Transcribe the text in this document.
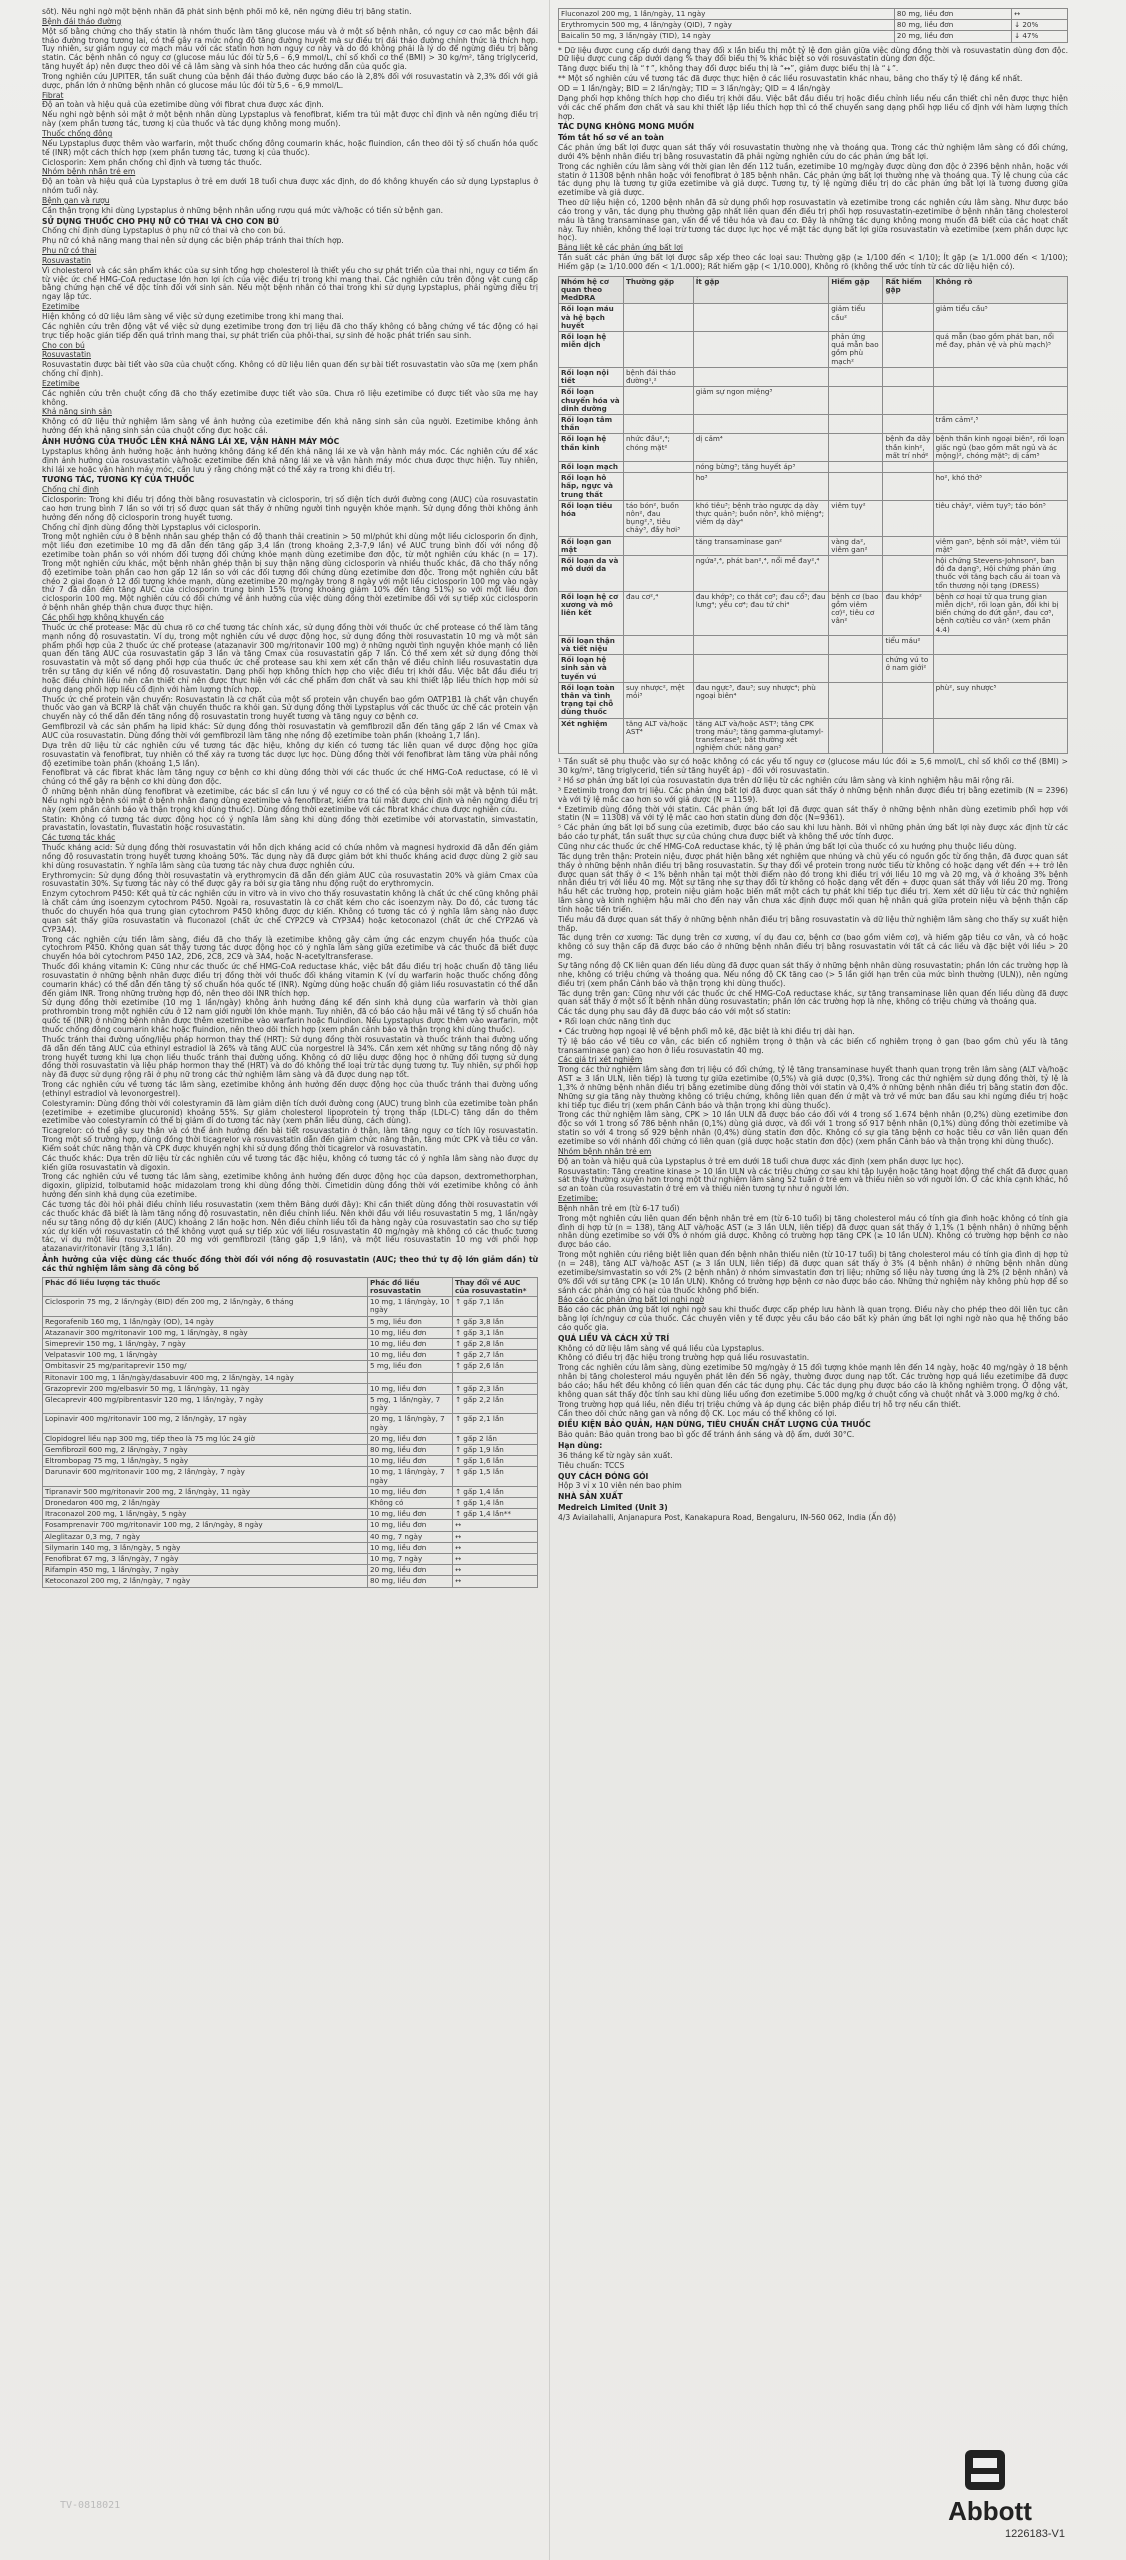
sốt). Nếu nghi ngờ một bệnh nhân đã phát sinh bệnh phổi mô kẽ, nên ngừng điều trị bằng statin.

Bệnh đái tháo đường

Một số bằng chứng cho thấy statin là nhóm thuốc làm tăng glucose máu và ở một số bệnh nhân, có nguy cơ cao mắc bệnh đái tháo đường trong tương lai, có thể gây ra mức nồng độ tăng đường huyết mà sự điều trị đái tháo đường chính thức là thích hợp. Tuy nhiên, sự giảm nguy cơ mạch máu với các statin hơn hơn nguy cơ này và do đó không phải là lý do để ngừng điều trị bằng statin. Các bệnh nhân có nguy cơ (glucose máu lúc đói từ 5,6 – 6,9 mmol/L, chỉ số khối cơ thể (BMI) > 30 kg/m², tăng triglycerid, tăng huyết áp) nên được theo dõi về cả lâm sàng và sinh hóa theo các hướng dẫn của quốc gia.

Trong nghiên cứu JUPITER, tần suất chung của bệnh đái tháo đường được báo cáo là 2,8% đối với rosuvastatin và 2,3% đối với giả dược, phần lớn ở những bệnh nhân có glucose máu lúc đói từ 5,6 – 6,9 mmol/L.

Fibrat

Độ an toàn và hiệu quả của ezetimibe dùng với fibrat chưa được xác định.

Nếu nghi ngờ bệnh sỏi mật ở một bệnh nhân dùng Lypstaplus và fenofibrat, kiểm tra túi mật được chỉ định và nên ngừng điều trị này (xem phần tương tác, tương kị của thuốc và tác dụng không mong muốn).

Thuốc chống đông

Nếu Lypstaplus được thêm vào warfarin, một thuốc chống đông coumarin khác, hoặc fluindion, cần theo dõi tỷ số chuẩn hóa quốc tế (INR) một cách thích hợp (xem phần tương tác, tương kị của thuốc).

Ciclosporin: Xem phần chống chỉ định và tương tác thuốc.

Nhóm bệnh nhân trẻ em

Độ an toàn và hiệu quả của Lypstaplus ở trẻ em dưới 18 tuổi chưa được xác định, do đó không khuyến cáo sử dụng Lypstaplus ở nhóm tuổi này.

Bệnh gan và rượu

Cần thận trọng khi dùng Lypstaplus ở những bệnh nhân uống rượu quá mức và/hoặc có tiền sử bệnh gan.

SỬ DỤNG THUỐC CHO PHỤ NỮ CÓ THAI VÀ CHO CON BÚ

Chống chỉ định dùng Lypstaplus ở phụ nữ có thai và cho con bú.

Phụ nữ có khả năng mang thai nên sử dụng các biện pháp tránh thai thích hợp.

Phụ nữ có thai

Rosuvastatin

Vì cholesterol và các sản phẩm khác của sự sinh tổng hợp cholesterol là thiết yếu cho sự phát triển của thai nhi, nguy cơ tiềm ẩn từ việc ức chế HMG-CoA reductase lớn hơn lợi ích của việc điều trị trong khi mang thai. Các nghiên cứu trên động vật cung cấp bằng chứng hạn chế về độc tính đối với sinh sản. Nếu một bệnh nhân có thai trong khi sử dụng Lypstaplus, phải ngừng điều trị ngay lập tức.

Ezetimibe

Hiện không có dữ liệu lâm sàng về việc sử dụng ezetimibe trong khi mang thai.

Các nghiên cứu trên động vật về việc sử dụng ezetimibe trong đơn trị liệu đã cho thấy không có bằng chứng về tác động có hại trực tiếp hoặc gián tiếp đến quá trình mang thai, sự phát triển của phôi-thai, sự sinh đẻ hoặc phát triển sau sinh.

Cho con bú

Rosuvastatin

Rosuvastatin được bài tiết vào sữa của chuột cống. Không có dữ liệu liên quan đến sự bài tiết rosuvastatin vào sữa mẹ (xem phần chống chỉ định).

Ezetimibe

Các nghiên cứu trên chuột cống đã cho thấy ezetimibe được tiết vào sữa. Chưa rõ liệu ezetimibe có được tiết vào sữa mẹ hay không.

Khả năng sinh sản

Không có dữ liệu thử nghiệm lâm sàng về ảnh hưởng của ezetimibe đến khả năng sinh sản của người. Ezetimibe không ảnh hưởng đến khả năng sinh sản của chuột cống đực hoặc cái.

ẢNH HƯỞNG CỦA THUỐC LÊN KHẢ NĂNG LÁI XE, VẬN HÀNH MÁY MÓC

Lypstaplus không ảnh hưởng hoặc ảnh hưởng không đáng kể đến khả năng lái xe và vận hành máy móc. Các nghiên cứu để xác định ảnh hưởng của rosuvastatin và/hoặc ezetimibe đến khả năng lái xe và vận hành máy móc chưa được thực hiện. Tuy nhiên, khi lái xe hoặc vận hành máy móc, cần lưu ý rằng chóng mặt có thể xảy ra trong khi điều trị.

TƯƠNG TÁC, TƯƠNG KỴ CỦA THUỐC

Chống chỉ định

Ciclosporin: Trong khi điều trị đồng thời bằng rosuvastatin và ciclosporin, trị số diện tích dưới đường cong (AUC) của rosuvastatin cao hơn trung bình 7 lần so với trị số được quan sát thấy ở những người tình nguyện khỏe mạnh. Sử dụng đồng thời không ảnh hưởng đến nồng độ ciclosporin trong huyết tương.

Chống chỉ định dùng đồng thời Lypstaplus với ciclosporin.

Trong một nghiên cứu ở 8 bệnh nhân sau ghép thận có độ thanh thải creatinin > 50 ml/phút khi dùng một liều ciclosporin ổn định, một liều đơn ezetimibe 10 mg đã dẫn đến tăng gấp 3,4 lần (trong khoảng 2,3-7,9 lần) về AUC trung bình đối với nồng độ ezetimibe toàn phần so với nhóm đối tượng đối chứng khỏe mạnh dùng ezetimibe đơn độc, từ một nghiên cứu khác (n = 17). Trong một nghiên cứu khác, một bệnh nhân ghép thận bị suy thận nặng dùng ciclosporin và nhiều thuốc khác, đã cho thấy nồng độ ezetimibe toàn phần cao hơn gấp 12 lần so với các đối tượng đối chứng dùng ezetimibe đơn độc. Trong một nghiên cứu bắt chéo 2 giai đoạn ở 12 đối tượng khỏe mạnh, dùng ezetimibe 20 mg/ngày trong 8 ngày với một liều ciclosporin 100 mg vào ngày thứ 7 đã dẫn đến tăng AUC của ciclosporin trung bình 15% (trong khoảng giảm 10% đến tăng 51%) so với một liều đơn ciclosporin 100 mg. Một nghiên cứu có đối chứng về ảnh hưởng của việc dùng đồng thời ezetimibe đối với sự tiếp xúc ciclosporin ở bệnh nhân ghép thận chưa được thực hiện.

Các phối hợp không khuyến cáo

Thuốc ức chế protease: Mặc dù chưa rõ cơ chế tương tác chính xác, sử dụng đồng thời với thuốc ức chế protease có thể làm tăng mạnh nồng độ rosuvastatin. Ví dụ, trong một nghiên cứu về dược động học, sử dụng đồng thời rosuvastatin 10 mg và một sản phẩm phối hợp của 2 thuốc ức chế protease (atazanavir 300 mg/ritonavir 100 mg) ở những người tình nguyện khỏe mạnh có liên quan đến tăng AUC của rosuvastatin gấp 3 lần và tăng Cmax của rosuvastatin gấp 7 lần. Có thể xem xét sử dụng đồng thời rosuvastatin và một số dạng phối hợp của thuốc ức chế protease sau khi xem xét cẩn thận về điều chỉnh liều rosuvastatin dựa trên sự tăng dự kiến về nồng độ rosuvastatin. Dạng phối hợp không thích hợp cho việc điều trị khởi đầu. Việc bắt đầu điều trị hoặc điều chỉnh liều nên căn thiết chỉ nên được thực hiện với các chế phẩm đơn chất và sau khi thiết lập liều thích hợp mới sử dụng dạng phối hợp liều cố định với hàm lượng thích hợp.

Thuốc ức chế protein vận chuyển: Rosuvastatin là cơ chất của một số protein vận chuyển bao gồm OATP1B1 là chất vận chuyển thuốc vào gan và BCRP là chất vận chuyển thuốc ra khỏi gan. Sử dụng đồng thời Lypstaplus với các thuốc ức chế các protein vận chuyển này có thể dẫn đến tăng nồng độ rosuvastatin trong huyết tương và tăng nguy cơ bệnh cơ.

Gemfibrozil và các sản phẩm hạ lipid khác: Sử dụng đồng thời rosuvastatin và gemfibrozil dẫn đến tăng gấp 2 lần về Cmax và AUC của rosuvastatin. Dùng đồng thời với gemfibrozil làm tăng nhẹ nồng độ ezetimibe toàn phần (khoảng 1,7 lần).

Dựa trên dữ liệu từ các nghiên cứu về tương tác đặc hiệu, không dự kiến có tương tác liên quan về dược động học giữa rosuvastatin và fenofibrat, tuy nhiên có thể xảy ra tương tác dược lực học. Dùng đồng thời với fenofibrat làm tăng vừa phải nồng độ ezetimibe toàn phần (khoảng 1,5 lần).

Fenofibrat và các fibrat khác làm tăng nguy cơ bệnh cơ khi dùng đồng thời với các thuốc ức chế HMG-CoA reductase, có lẽ vì chúng có thể gây ra bệnh cơ khi dùng đơn độc.

Ở những bệnh nhân dùng fenofibrat và ezetimibe, các bác sĩ cần lưu ý về nguy cơ có thể có của bệnh sỏi mật và bệnh túi mật. Nếu nghi ngờ bệnh sỏi mật ở bệnh nhân đang dùng ezetimibe và fenofibrat, kiểm tra túi mật được chỉ định và nên ngừng điều trị này (xem phần cảnh báo và thận trọng khi dùng thuốc). Dùng đồng thời ezetimibe với các fibrat khác chưa được nghiên cứu.

Statin: Không có tương tác dược động học có ý nghĩa lâm sàng khi dùng đồng thời ezetimibe với atorvastatin, simvastatin, pravastatin, lovastatin, fluvastatin hoặc rosuvastatin.

Các tương tác khác

Thuốc kháng acid: Sử dụng đồng thời rosuvastatin với hỗn dịch kháng acid có chứa nhôm và magnesi hydroxid đã dẫn đến giảm nồng độ rosuvastatin trong huyết tương khoảng 50%. Tác dụng này đã được giảm bớt khi thuốc kháng acid được dùng 2 giờ sau khi dùng rosuvastatin. Ý nghĩa lâm sàng của tương tác này chưa được nghiên cứu.

Erythromycin: Sử dụng đồng thời rosuvastatin và erythromycin đã dẫn đến giảm AUC của rosuvastatin 20% và giảm Cmax của rosuvastatin 30%. Sự tương tác này có thể được gây ra bởi sự gia tăng nhu động ruột do erythromycin.

Enzym cytochrom P450: Kết quả từ các nghiên cứu in vitro và in vivo cho thấy rosuvastatin không là chất ức chế cũng không phải là chất cảm ứng isoenzym cytochrom P450. Ngoài ra, rosuvastatin là cơ chất kém cho các isoenzym này. Do đó, các tương tác thuốc do chuyển hóa qua trung gian cytochrom P450 không được dự kiến. Không có tương tác có ý nghĩa lâm sàng nào được quan sát thấy giữa rosuvastatin và fluconazol (chất ức chế CYP2C9 và CYP3A4) hoặc ketoconazol (chất ức chế CYP2A6 và CYP3A4).

Trong các nghiên cứu tiền lâm sàng, điều đã cho thấy là ezetimibe không gây cảm ứng các enzym chuyển hóa thuốc của cytochrom P450. Không quan sát thấy tương tác dược động học có ý nghĩa lâm sàng giữa ezetimibe và các thuốc đã biết được chuyển hóa bởi cytochrom P450 1A2, 2D6, 2C8, 2C9 và 3A4, hoặc N-acetyltransferase.

Thuốc đối kháng vitamin K: Cũng như các thuốc ức chế HMG-CoA reductase khác, việc bắt đầu điều trị hoặc chuẩn độ tăng liều rosuvastatin ở những bệnh nhân được điều trị đồng thời với thuốc đối kháng vitamin K (ví dụ warfarin hoặc thuốc chống đông coumarin khác) có thể dẫn đến tăng tỷ số chuẩn hóa quốc tế (INR). Ngừng dùng hoặc chuẩn độ giảm liều rosuvastatin có thể dẫn đến giảm INR. Trong những trường hợp đó, nên theo dõi INR thích hợp.

Sử dụng đồng thời ezetimibe (10 mg 1 lần/ngày) không ảnh hưởng đáng kể đến sinh khả dụng của warfarin và thời gian prothrombin trong một nghiên cứu ở 12 nam giới người lớn khỏe mạnh. Tuy nhiên, đã có báo cáo hậu mãi về tăng tỷ số chuẩn hóa quốc tế (INR) ở những bệnh nhân được thêm ezetimibe vào warfarin hoặc fluindion. Nếu Lypstaplus được thêm vào warfarin, một thuốc chống đông coumarin khác hoặc fluindion, nên theo dõi thích hợp (xem phần cảnh báo và thận trọng khi dùng thuốc).

Thuốc tránh thai đường uống/liệu pháp hormon thay thế (HRT): Sử dụng đồng thời rosuvastatin và thuốc tránh thai đường uống đã dẫn đến tăng AUC của ethinyl estradiol là 26% và tăng AUC của norgestrel là 34%. Cần xem xét những sự tăng nồng độ này trong huyết tương khi lựa chọn liều thuốc tránh thai đường uống. Không có dữ liệu dược động học ở những đối tượng sử dụng đồng thời rosuvastatin và liệu pháp hormon thay thế (HRT) và do đó không thể loại trừ tác dụng tương tự. Tuy nhiên, sự phối hợp này đã được sử dụng rộng rãi ở phụ nữ trong các thử nghiệm lâm sàng và đã được dung nạp tốt.

Trong các nghiên cứu về tương tác lâm sàng, ezetimibe không ảnh hưởng đến dược động học của thuốc tránh thai đường uống (ethinyl estradiol và levonorgestrel).

Colestyramin: Dùng đồng thời với colestyramin đã làm giảm diện tích dưới đường cong (AUC) trung bình của ezetimibe toàn phần (ezetimibe + ezetimibe glucuronid) khoảng 55%. Sự giảm cholesterol lipoprotein tỷ trọng thấp (LDL-C) tăng dần do thêm ezetimibe vào colestyramin có thể bị giảm đi do tương tác này (xem phần liều dùng, cách dùng).

Ticagrelor: có thể gây suy thận và có thể ảnh hưởng đến bài tiết rosuvastatin ở thận, làm tăng nguy cơ tích lũy rosuvastatin. Trong một số trường hợp, dùng đồng thời ticagrelor và rosuvastatin dẫn đến giảm chức năng thận, tăng mức CPK và tiêu cơ vân. Kiểm soát chức năng thận và CPK được khuyến nghị khi sử dụng đồng thời ticagrelor và rosuvastatin.

Các thuốc khác: Dựa trên dữ liệu từ các nghiên cứu về tương tác đặc hiệu, không có tương tác có ý nghĩa lâm sàng nào được dự kiến giữa rosuvastatin và digoxin.

Trong các nghiên cứu về tương tác lâm sàng, ezetimibe không ảnh hưởng đến dược động học của dapson, dextromethorphan, digoxin, glipizid, tolbutamid hoặc midazolam trong khi dùng đồng thời. Cimetidin dùng đồng thời với ezetimibe không có ảnh hưởng đến sinh khả dụng của ezetimibe.

Các tương tác đòi hỏi phải điều chỉnh liều rosuvastatin (xem thêm Bảng dưới đây): Khi cần thiết dùng đồng thời rosuvastatin với các thuốc khác đã biết là làm tăng nồng độ rosuvastatin, nên điều chỉnh liều. Nên khởi đầu với liều rosuvastatin 5 mg, 1 lần/ngày nếu sự tăng nồng độ dự kiến (AUC) khoảng 2 lần hoặc hơn. Nên điều chỉnh liều tối đa hàng ngày của rosuvastatin sao cho sự tiếp xúc dự kiến với rosuvastatin có thể không vượt quá sự tiếp xúc với liều rosuvastatin 40 mg/ngày mà không có các thuốc tương tác, ví dụ một liều rosuvastatin 20 mg với gemfibrozil (tăng gấp 1,9 lần), và một liều rosuvastatin 10 mg với phối hợp atazanavir/ritonavir (tăng 3,1 lần).

Ảnh hưởng của việc dùng các thuốc đồng thời đối với nồng độ rosuvastatin (AUC; theo thứ tự độ lớn giảm dần) từ các thử nghiệm lâm sàng đã công bố

Phác đồ liều lượng tác thuốc	Phác đồ liều rosuvastatin	Thay đổi về AUC của rosuvastatin*
Ciclosporin 75 mg, 2 lần/ngày (BID) đến 200 mg, 2 lần/ngày, 6 tháng	10 mg, 1 lần/ngày, 10 ngày	↑ gấp 7,1 lần
Regorafenib 160 mg, 1 lần/ngày (OD), 14 ngày	5 mg, liều đơn	↑ gấp 3,8 lần
Atazanavir 300 mg/ritonavir 100 mg, 1 lần/ngày, 8 ngày	10 mg, liều đơn	↑ gấp 3,1 lần
Simeprevir 150 mg, 1 lần/ngày, 7 ngày	10 mg, liều đơn	↑ gấp 2,8 lần
Velpatasvir 100 mg, 1 lần/ngày	10 mg, liều đơn	↑ gấp 2,7 lần
Ombitasvir 25 mg/paritaprevir 150 mg/	5 mg, liều đơn	↑ gấp 2,6 lần
Ritonavir 100 mg, 1 lần/ngày/dasabuvir 400 mg, 2 lần/ngày, 14 ngày		
Grazoprevir 200 mg/elbasvir 50 mg, 1 lần/ngày, 11 ngày	10 mg, liều đơn	↑ gấp 2,3 lần
Glecaprevir 400 mg/pibrentasvir 120 mg, 1 lần/ngày, 7 ngày	5 mg, 1 lần/ngày, 7 ngày	↑ gấp 2,2 lần
Lopinavir 400 mg/ritonavir 100 mg, 2 lần/ngày, 17 ngày	20 mg, 1 lần/ngày, 7 ngày	↑ gấp 2,1 lần
Clopidogrel liều nạp 300 mg, tiếp theo là 75 mg lúc 24 giờ	20 mg, liều đơn	↑ gấp 2 lần
Gemfibrozil 600 mg, 2 lần/ngày, 7 ngày	80 mg, liều đơn	↑ gấp 1,9 lần
Eltrombopag 75 mg, 1 lần/ngày, 5 ngày	10 mg, liều đơn	↑ gấp 1,6 lần
Darunavir 600 mg/ritonavir 100 mg, 2 lần/ngày, 7 ngày	10 mg, 1 lần/ngày, 7 ngày	↑ gấp 1,5 lần
Tipranavir 500 mg/ritonavir 200 mg, 2 lần/ngày, 11 ngày	10 mg, liều đơn	↑ gấp 1,4 lần
Dronedaron 400 mg, 2 lần/ngày	Không có	↑ gấp 1,4 lần
Itraconazol 200 mg, 1 lần/ngày, 5 ngày	10 mg, liều đơn	↑ gấp 1,4 lần**
Fosamprenavir 700 mg/ritonavir 100 mg, 2 lần/ngày, 8 ngày	10 mg, liều đơn	↔
Aleglitazar 0,3 mg, 7 ngày	40 mg, 7 ngày	↔
Silymarin 140 mg, 3 lần/ngày, 5 ngày	10 mg, liều đơn	↔
Fenofibrat 67 mg, 3 lần/ngày, 7 ngày	10 mg, 7 ngày	↔
Rifampin 450 mg, 1 lần/ngày, 7 ngày	20 mg, liều đơn	↔
Ketoconazol 200 mg, 2 lần/ngày, 7 ngày	80 mg, liều đơn	↔
Fluconazol 200 mg, 1 lần/ngày, 11 ngày	80 mg, liều đơn	↔
Erythromycin 500 mg, 4 lần/ngày (QID), 7 ngày	80 mg, liều đơn	↓ 20%
Baicalin 50 mg, 3 lần/ngày (TID), 14 ngày	20 mg, liều đơn	↓ 47%

* Dữ liệu được cung cấp dưới dạng thay đổi x lần biểu thị một tỷ lệ đơn giản giữa việc dùng đồng thời và rosuvastatin dùng đơn độc. Dữ liệu được cung cấp dưới dạng % thay đổi biểu thị % khác biệt so với rosuvastatin dùng đơn độc.

Tăng được biểu thị là “↑”, không thay đổi được biểu thị là “↔”, giảm được biểu thị là “↓”.

** Một số nghiên cứu về tương tác đã được thực hiện ở các liều rosuvastatin khác nhau, bảng cho thấy tỷ lệ đáng kể nhất.

OD = 1 lần/ngày; BID = 2 lần/ngày; TID = 3 lần/ngày; QID = 4 lần/ngày

Dạng phối hợp không thích hợp cho điều trị khởi đầu. Việc bắt đầu điều trị hoặc điều chỉnh liều nếu cần thiết chỉ nên được thực hiện với các chế phẩm đơn chất và sau khi thiết lập liều thích hợp thì có thể chuyển sang dạng phối hợp liều cố định với hàm lượng thích hợp.

TÁC DỤNG KHÔNG MONG MUỐN

Tóm tắt hồ sơ về an toàn

Các phản ứng bất lợi được quan sát thấy với rosuvastatin thường nhẹ và thoáng qua. Trong các thử nghiệm lâm sàng có đối chứng, dưới 4% bệnh nhân điều trị bằng rosuvastatin đã phải ngừng nghiên cứu do các phản ứng bất lợi.

Trong các nghiên cứu lâm sàng với thời gian lên đến 112 tuần, ezetimibe 10 mg/ngày được dùng đơn độc ở 2396 bệnh nhân, hoặc với statin ở 11308 bệnh nhân hoặc với fenofibrat ở 185 bệnh nhân. Các phản ứng bất lợi thường nhẹ và thoáng qua. Tỷ lệ chung của các tác dụng phụ là tương tự giữa ezetimibe và giả dược. Tương tự, tỷ lệ ngừng điều trị do các phản ứng bất lợi là tương đương giữa ezetimibe và giả dược.

Theo dữ liệu hiện có, 1200 bệnh nhân đã sử dụng phối hợp rosuvastatin và ezetimibe trong các nghiên cứu lâm sàng. Như được báo cáo trong y văn, tác dụng phụ thường gặp nhất liên quan đến điều trị phối hợp rosuvastatin-ezetimibe ở bệnh nhân tăng cholesterol máu là tăng transaminase gan, vấn đề về tiêu hóa và đau cơ. Đây là những tác dụng không mong muốn đã biết của các hoạt chất này. Tuy nhiên, không thể loại trừ tương tác dược lực học về mặt tác dụng bất lợi giữa rosuvastatin và ezetimibe (xem phần dược lực học).

Bảng liệt kê các phản ứng bất lợi

Tần suất các phản ứng bất lợi được sắp xếp theo các loại sau: Thường gặp (≥ 1/100 đến < 1/10); Ít gặp (≥ 1/1.000 đến < 1/100); Hiếm gặp (≥ 1/10.000 đến < 1/1.000); Rất hiếm gặp (< 1/10.000), Không rõ (không thể ước tính từ các dữ liệu hiện có).

Nhóm hệ cơ quan theo MedDRA	Thường gặp	Ít gặp	Hiếm gặp	Rất hiếm gặp	Không rõ
Rối loạn máu và hệ bạch huyết			giảm tiểu cầu²		giảm tiểu cầu⁵
Rối loạn hệ miễn dịch			phản ứng quá mẫn bao gồm phù mạch²		quá mẫn (bao gồm phát ban, nổi mề đay, phản vệ và phù mạch)⁵
Rối loạn nội tiết	bệnh đái tháo đường¹,²				
Rối loạn chuyển hóa và dinh dưỡng		giảm sự ngon miệng³			
Rối loạn tâm thần					trầm cảm²,⁵
Rối loạn hệ thần kinh	nhức đầu²,⁴; chóng mặt²	dị cảm⁴		bệnh đa dây thần kinh², mất trí nhớ²	bệnh thần kinh ngoại biên², rối loạn giấc ngủ (bao gồm mất ngủ và ác mộng)², chóng mặt⁵; dị cảm⁵
Rối loạn mạch		nóng bừng³; tăng huyết áp³			
Rối loạn hô hấp, ngực và trung thất		ho³			ho², khó thở⁵
Rối loạn tiêu hóa	táo bón², buồn nôn², đau bụng²,³, tiêu chảy³, đầy hơi³	khó tiêu³; bệnh trào ngược dạ dày thực quản³; buồn nôn³, khô miệng⁴; viêm dạ dày⁴	viêm tụy²		tiêu chảy², viêm tụy⁵; táo bón⁵
Rối loạn gan mật		tăng transaminase gan²	vàng da², viêm gan²		viêm gan⁵, bệnh sỏi mật⁵, viêm túi mật⁵
Rối loạn da và mô dưới da		ngứa²,⁴, phát ban²,⁴, nổi mề đay²,⁴			hội chứng Stevens-Johnson², ban đỏ đa dạng⁵, Hội chứng phản ứng thuốc với tăng bạch cầu ái toan và tổn thương nội tạng (DRESS)
Rối loạn hệ cơ xương và mô liên kết	đau cơ²,⁴	đau khớp³; co thắt cơ³; đau cổ³; đau lưng⁴; yếu cơ⁴; đau tứ chi⁴	bệnh cơ (bao gồm viêm cơ)², tiêu cơ vân²	đau khớp²	bệnh cơ hoại tử qua trung gian miễn dịch², rối loạn gân, đôi khi bị biến chứng do đứt gân², đau cơ⁵, bệnh cơ/tiêu cơ vân⁵ (xem phần 4.4)
Rối loạn thận và tiết niệu				tiểu máu²	
Rối loạn hệ sinh sản và tuyến vú				chứng vú to ở nam giới²	
Rối loạn toàn thân và tình trạng tại chỗ dùng thuốc	suy nhược², mệt mỏi³	đau ngực³, đau³; suy nhược⁴; phù ngoại biên⁴			phù², suy nhược⁵
Xét nghiệm	tăng ALT và/hoặc AST⁴	tăng ALT và/hoặc AST³; tăng CPK trong máu³; tăng gamma-glutamyl-transferase³; bất thường xét nghiệm chức năng gan³			

¹ Tần suất sẽ phụ thuộc vào sự có hoặc không có các yếu tố nguy cơ (glucose máu lúc đói ≥ 5,6 mmol/L, chỉ số khối cơ thể (BMI) > 30 kg/m², tăng triglycerid, tiền sử tăng huyết áp) - đối với rosuvastatin.

² Hồ sơ phản ứng bất lợi của rosuvastatin dựa trên dữ liệu từ các nghiên cứu lâm sàng và kinh nghiệm hậu mãi rộng rãi.

³ Ezetimib trong đơn trị liệu. Các phản ứng bất lợi đã được quan sát thấy ở những bệnh nhân được điều trị bằng ezetimib (N = 2396) và với tỷ lệ mắc cao hơn so với giả dược (N = 1159).

⁴ Ezetimib dùng đồng thời với statin. Các phản ứng bất lợi đã được quan sát thấy ở những bệnh nhân dùng ezetimib phối hợp với statin (N = 11308) và với tỷ lệ mắc cao hơn statin dùng đơn độc (N=9361).

⁵ Các phản ứng bất lợi bổ sung của ezetimib, được báo cáo sau khi lưu hành. Bởi vì những phản ứng bất lợi này được xác định từ các báo cáo tự phát, tần suất thực sự của chúng chưa được biết và không thể ước tính được.

Cũng như các thuốc ức chế HMG-CoA reductase khác, tỷ lệ phản ứng bất lợi của thuốc có xu hướng phụ thuộc liều dùng.

Tác dụng trên thận: Protein niệu, được phát hiện bằng xét nghiệm que nhúng và chủ yếu có nguồn gốc từ ống thận, đã được quan sát thấy ở những bệnh nhân điều trị bằng rosuvastatin. Sự thay đổi về protein trong nước tiểu từ không có hoặc dạng vết đến ++ trở lên được quan sát thấy ở < 1% bệnh nhân tại một thời điểm nào đó trong khi điều trị với liều 10 mg và 20 mg, và ở khoảng 3% bệnh nhân điều trị với liều 40 mg. Một sự tăng nhẹ sự thay đổi từ không có hoặc dạng vết đến + được quan sát thấy với liều 20 mg. Trong hầu hết các trường hợp, protein niệu giảm hoặc biến mất một cách tự phát khi tiếp tục điều trị. Xem xét dữ liệu từ các thử nghiệm lâm sàng và kinh nghiệm hậu mãi cho đến nay vẫn chưa xác định được mối quan hệ nhân quả giữa protein niệu và bệnh thận cấp tính hoặc tiến triển.

Tiểu máu đã được quan sát thấy ở những bệnh nhân điều trị bằng rosuvastatin và dữ liệu thử nghiệm lâm sàng cho thấy sự xuất hiện thấp.

Tác dụng trên cơ xương: Tác dụng trên cơ xương, ví dụ đau cơ, bệnh cơ (bao gồm viêm cơ), và hiếm gặp tiêu cơ vân, và có hoặc không có suy thận cấp đã được báo cáo ở những bệnh nhân điều trị bằng rosuvastatin với tất cả các liều và đặc biệt với liều > 20 mg.

Sự tăng nồng độ CK liên quan đến liều dùng đã được quan sát thấy ở những bệnh nhân dùng rosuvastatin; phần lớn các trường hợp là nhẹ, không có triệu chứng và thoáng qua. Nếu nồng độ CK tăng cao (> 5 lần giới hạn trên của mức bình thường (ULN)), nên ngừng điều trị (xem phần Cảnh báo và thận trọng khi dùng thuốc).

Tác dụng trên gan: Cũng như với các thuốc ức chế HMG-CoA reductase khác, sự tăng transaminase liên quan đến liều dùng đã được quan sát thấy ở một số ít bệnh nhân dùng rosuvastatin; phần lớn các trường hợp là nhẹ, không có triệu chứng và thoáng qua.

Các tác dụng phụ sau đây đã được báo cáo với một số statin:

• Rối loạn chức năng tình dục

• Các trường hợp ngoại lệ về bệnh phổi mô kẽ, đặc biệt là khi điều trị dài hạn.

Tỷ lệ báo cáo về tiêu cơ vân, các biến cố nghiêm trọng ở thận và các biến cố nghiêm trọng ở gan (bao gồm chủ yếu là tăng transaminase gan) cao hơn ở liều rosuvastatin 40 mg.

Các giá trị xét nghiệm

Trong các thử nghiệm lâm sàng đơn trị liệu có đối chứng, tỷ lệ tăng transaminase huyết thanh quan trọng trên lâm sàng (ALT và/hoặc AST ≥ 3 lần ULN, liên tiếp) là tương tự giữa ezetimibe (0,5%) và giả dược (0,3%). Trong các thử nghiệm sử dụng đồng thời, tỷ lệ là 1,3% ở những bệnh nhân điều trị bằng ezetimibe dùng đồng thời với statin và 0,4% ở những bệnh nhân điều trị bằng statin đơn độc. Những sự gia tăng này thường không có triệu chứng, không liên quan đến ứ mật và trở về mức ban đầu sau khi ngừng điều trị hoặc khi tiếp tục điều trị (xem phần Cảnh báo và thận trọng khi dùng thuốc).

Trong các thử nghiệm lâm sàng, CPK > 10 lần ULN đã được báo cáo đối với 4 trong số 1.674 bệnh nhân (0,2%) dùng ezetimibe đơn độc so với 1 trong số 786 bệnh nhân (0,1%) dùng giả dược, và đối với 1 trong số 917 bệnh nhân (0,1%) dùng đồng thời ezetimibe và statin so với 4 trong số 929 bệnh nhân (0,4%) dùng statin đơn độc. Không có sự gia tăng bệnh cơ hoặc tiêu cơ vân liên quan đến ezetimibe so với nhánh đối chứng có liên quan (giả dược hoặc statin đơn độc) (xem phần Cảnh báo và thận trọng khi dùng thuốc).

Nhóm bệnh nhân trẻ em

Độ an toàn và hiệu quả của Lypstaplus ở trẻ em dưới 18 tuổi chưa được xác định (xem phần dược lực học).

Rosuvastatin: Tăng creatine kinase > 10 lần ULN và các triệu chứng cơ sau khi tập luyện hoặc tăng hoạt động thể chất đã được quan sát thấy thường xuyên hơn trong một thử nghiệm lâm sàng 52 tuần ở trẻ em và thiếu niên so với người lớn. Ở các khía cạnh khác, hồ sơ an toàn của rosuvastatin ở trẻ em và thiếu niên tương tự như ở người lớn.

Ezetimibe:

Bệnh nhân trẻ em (từ 6-17 tuổi)

Trong một nghiên cứu liên quan đến bệnh nhân trẻ em (từ 6-10 tuổi) bị tăng cholesterol máu có tính gia đình hoặc không có tính gia đình dị hợp tử (n = 138), tăng ALT và/hoặc AST (≥ 3 lần ULN, liên tiếp) đã được quan sát thấy ở 1,1% (1 bệnh nhân) ở những bệnh nhân dùng ezetimibe so với 0% ở nhóm giả dược. Không có trường hợp tăng CPK (≥ 10 lần ULN). Không có trường hợp bệnh cơ nào được báo cáo.

Trong một nghiên cứu riêng biệt liên quan đến bệnh nhân thiếu niên (từ 10-17 tuổi) bị tăng cholesterol máu có tính gia đình dị hợp tử (n = 248), tăng ALT và/hoặc AST (≥ 3 lần ULN, liên tiếp) đã được quan sát thấy ở 3% (4 bệnh nhân) ở những bệnh nhân dùng ezetimibe/simvastatin so với 2% (2 bệnh nhân) ở nhóm simvastatin đơn trị liệu; những số liệu này tương ứng là 2% (2 bệnh nhân) và 0% đối với sự tăng CPK (≥ 10 lần ULN). Không có trường hợp bệnh cơ nào được báo cáo. Những thử nghiệm này không phù hợp để so sánh các phản ứng có hại của thuốc không phổ biến.

Báo cáo các phản ứng bất lợi nghi ngờ

Báo cáo các phản ứng bất lợi nghi ngờ sau khi thuốc được cấp phép lưu hành là quan trọng. Điều này cho phép theo dõi liên tục cân bằng lợi ích/nguy cơ của thuốc. Các chuyên viên y tế được yêu cầu báo cáo bất kỳ phản ứng bất lợi nghi ngờ nào qua hệ thống báo cáo quốc gia.

QUÁ LIỀU VÀ CÁCH XỬ TRÍ

Không có dữ liệu lâm sàng về quá liều của Lypstaplus.

Không có điều trị đặc hiệu trong trường hợp quá liều rosuvastatin.

Trong các nghiên cứu lâm sàng, dùng ezetimibe 50 mg/ngày ở 15 đối tượng khỏe mạnh lên đến 14 ngày, hoặc 40 mg/ngày ở 18 bệnh nhân bị tăng cholesterol máu nguyên phát lên đến 56 ngày, thường được dung nạp tốt. Các trường hợp quá liều ezetimibe đã được báo cáo; hầu hết đều không có liên quan đến các tác dụng phụ. Các tác dụng phụ được báo cáo là không nghiêm trọng. Ở động vật, không quan sát thấy độc tính sau khi dùng liều uống đơn ezetimibe 5.000 mg/kg ở chuột cống và chuột nhắt và 3.000 mg/kg ở chó.

Trong trường hợp quá liều, nên điều trị triệu chứng và áp dụng các biện pháp điều trị hỗ trợ nếu cần thiết.

Cần theo dõi chức năng gan và nồng độ CK. Lọc máu có thể không có lợi.

ĐIỀU KIỆN BẢO QUẢN, HẠN DÙNG, TIÊU CHUẨN CHẤT LƯỢNG CỦA THUỐC

Bảo quản: Bảo quản trong bao bì gốc để tránh ánh sáng và độ ẩm, dưới 30°C.

Hạn dùng:

36 tháng kể từ ngày sản xuất.

Tiêu chuẩn: TCCS

QUY CÁCH ĐÓNG GÓI

Hộp 3 vỉ x 10 viên nén bao phim

NHÀ SẢN XUẤT

Medreich Limited (Unit 3)

4/3 Aviailahalli, Anjanapura Post, Kanakapura Road, Bengaluru, IN-560 062, India (Ấn độ)

TV-0818021	Abbott
1226183-V1
